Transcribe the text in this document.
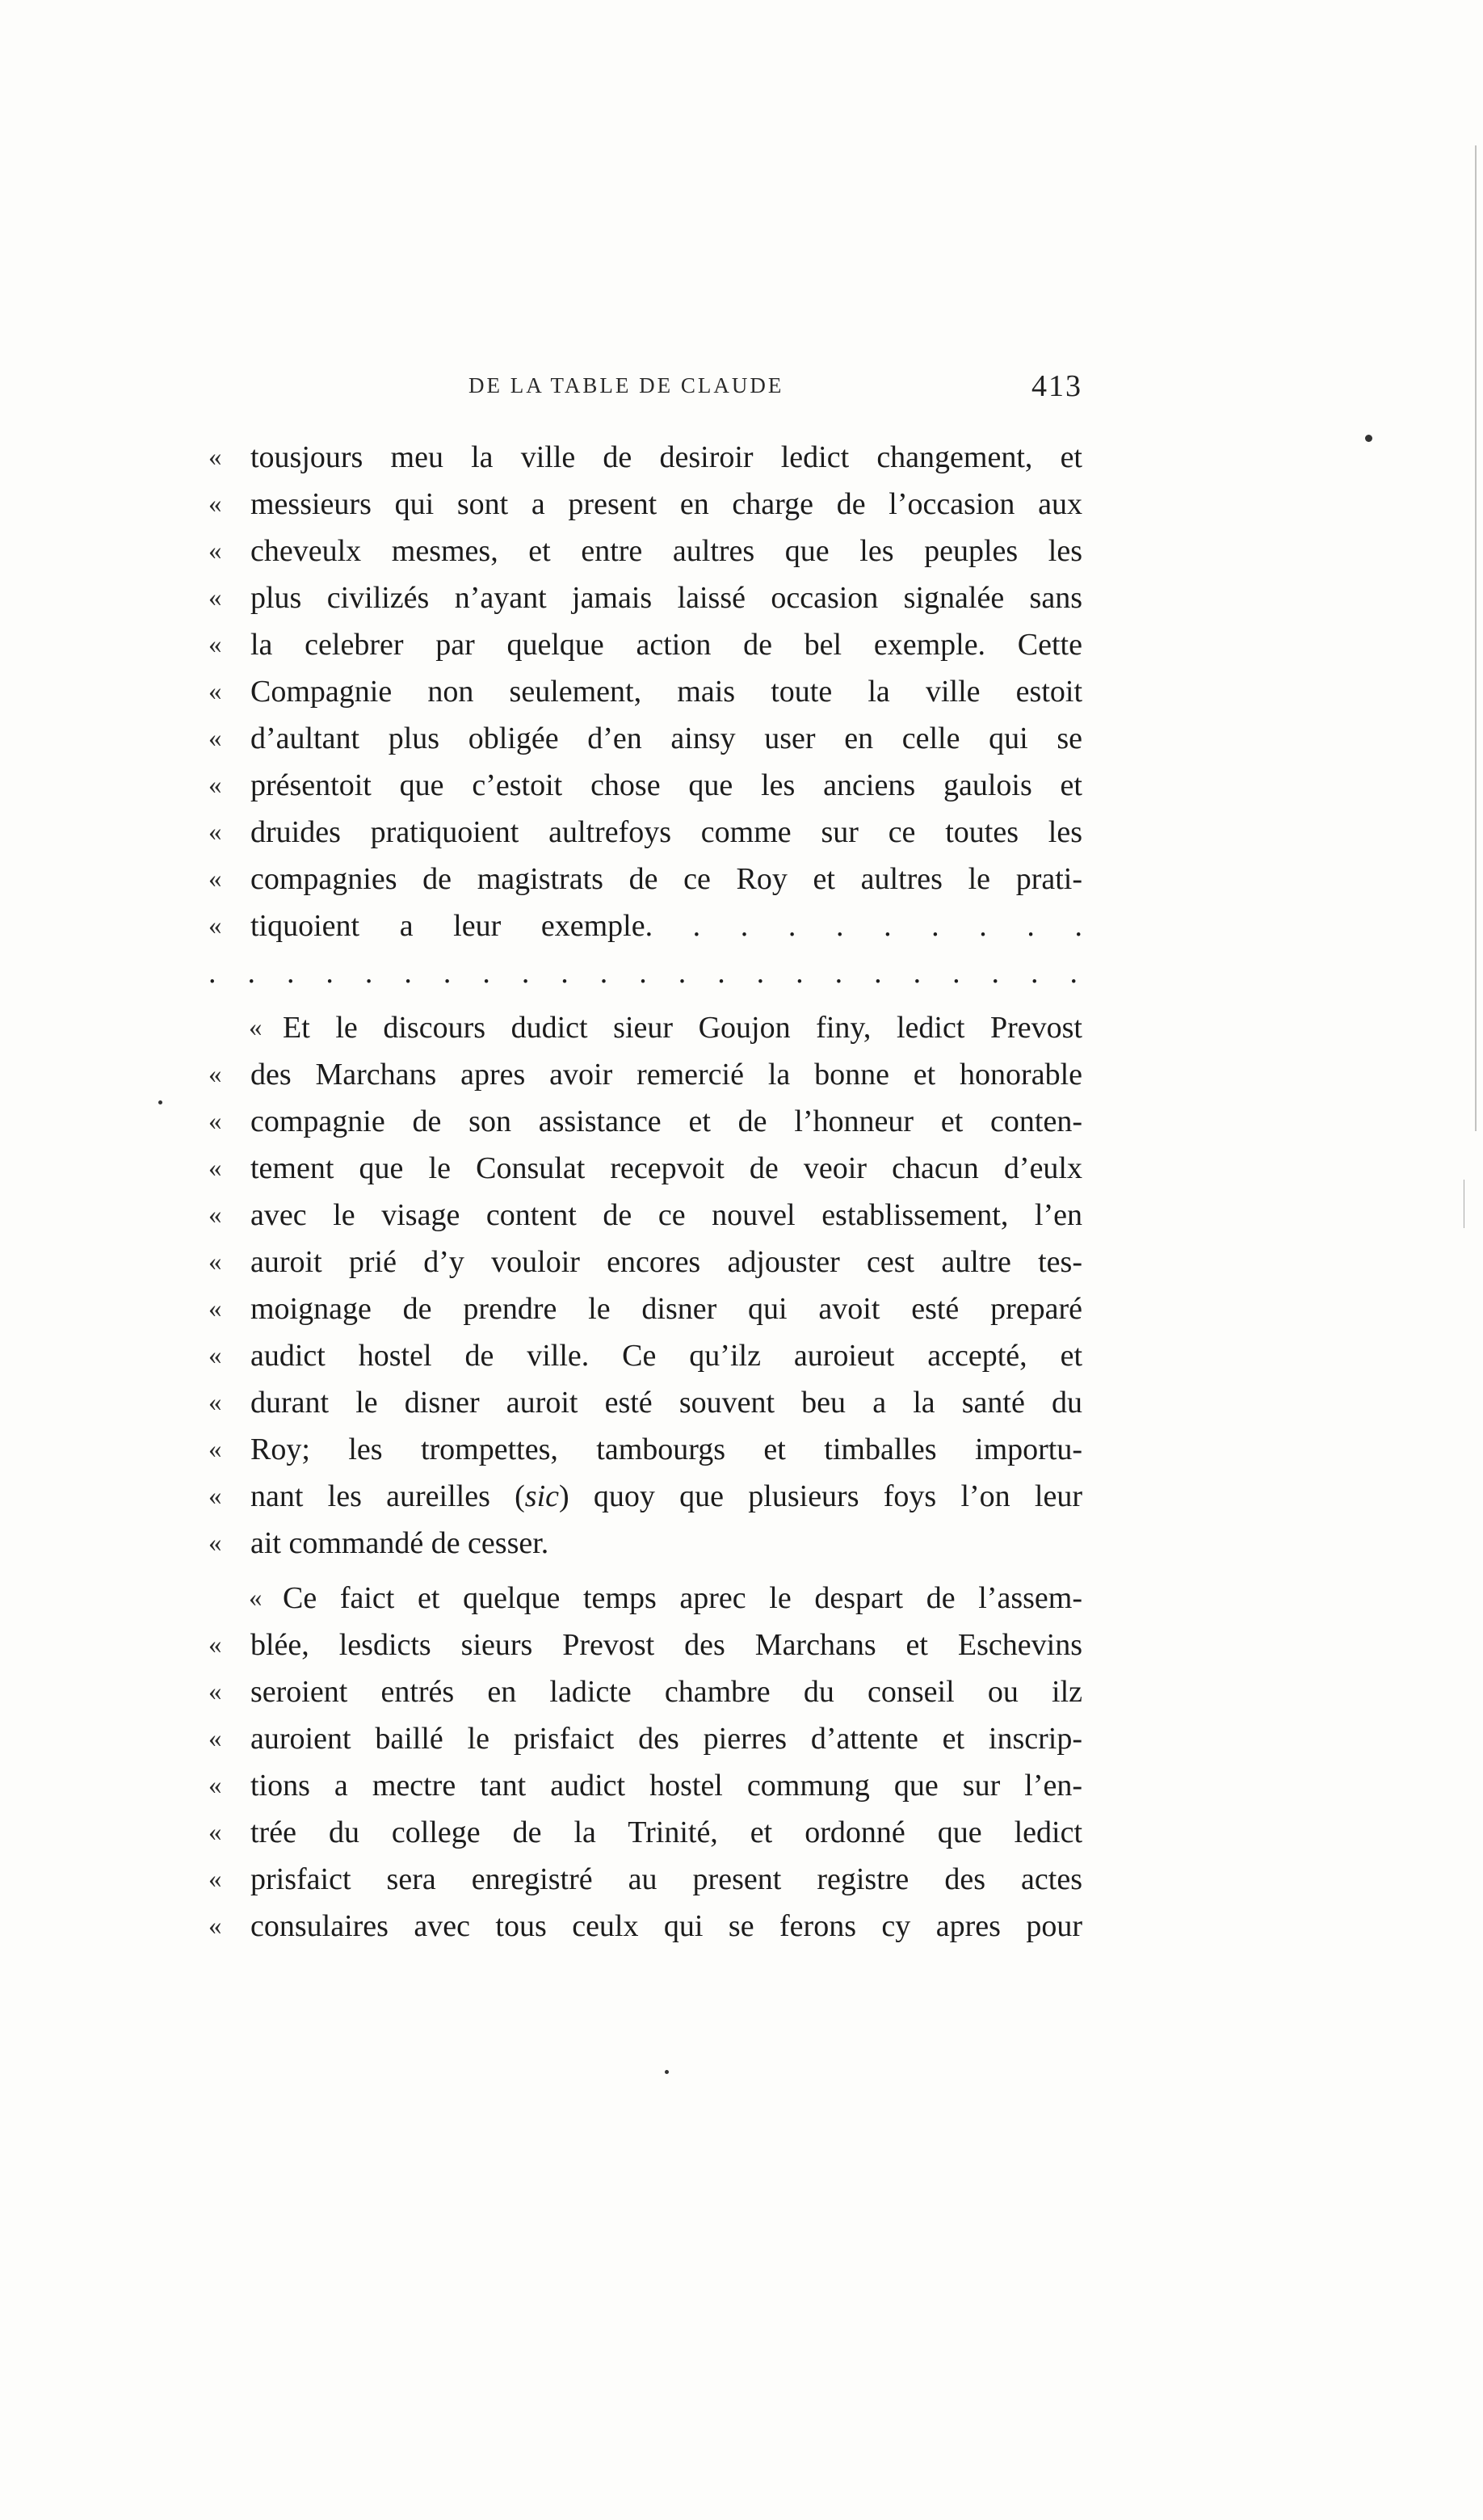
DE LA TABLE DE CLAUDE	413
« tousjours meu la ville de desiroir ledict changement, et
« messieurs qui sont a present en charge de l’occasion aux
« cheveulx mesmes, et entre aultres que les peuples les
« plus civilizés n’ayant jamais laissé occasion signalée sans
« la celebrer par quelque action de bel exemple. Cette
« Compagnie non seulement, mais toute la ville estoit
« d’aultant plus obligée d’en ainsy user en celle qui se
« présentoit que c’estoit chose que les anciens gaulois et
« druides pratiquoient aultrefoys comme sur ce toutes les
« compagnies de magistrats de ce Roy et aultres le prati-
« tiquoient a leur exemple. . . . . . . . . .
. . . . . . . . . . . . . . . . . . . . . . .
« Et le discours dudict sieur Goujon finy, ledict Prevost
« des Marchans apres avoir remercié la bonne et honorable
« compagnie de son assistance et de l’honneur et conten-
« tement que le Consulat recepvoit de veoir chacun d’eulx
« avec le visage content de ce nouvel establissement, l’en
« auroit prié d’y vouloir encores adjouster cest aultre tes-
« moignage de prendre le disner qui avoit esté preparé
« audict hostel de ville. Ce qu’ilz auroieut accepté, et
« durant le disner auroit esté souvent beu a la santé du
« Roy; les trompettes, tambourgs et timballes importu-
« nant les aureilles (sic) quoy que plusieurs foys l’on leur
« ait commandé de cesser.
« Ce faict et quelque temps aprec le despart de l’assem-
« blée, lesdicts sieurs Prevost des Marchans et Eschevins
« seroient entrés en ladicte chambre du conseil ou ilz
« auroient baillé le prisfaict des pierres d’attente et inscrip-
« tions a mectre tant audict hostel commung que sur l’en-
« trée du college de la Trinité, et ordonné que ledict
« prisfaict sera enregistré au present registre des actes
« consulaires avec tous ceulx qui se ferons cy apres pour
